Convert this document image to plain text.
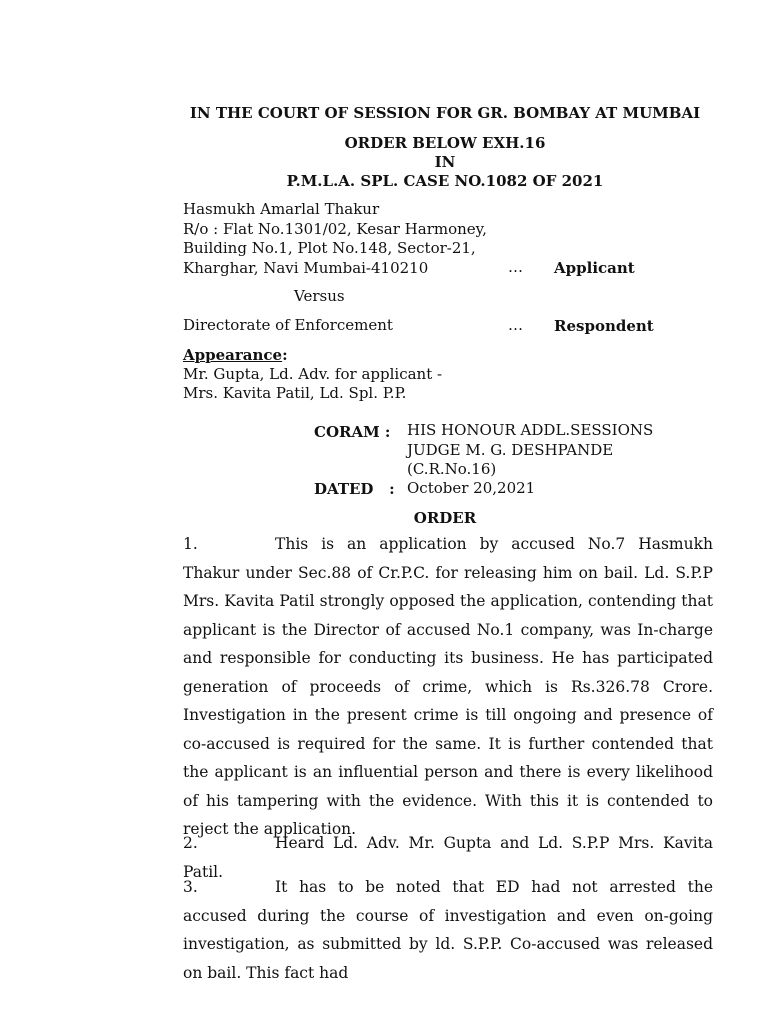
IN THE COURT OF SESSION FOR GR. BOMBAY AT MUMBAI
ORDER BELOW EXH.16
IN
P.M.L.A. SPL. CASE NO.1082 OF 2021
Hasmukh Amarlal Thakur
R/o : Flat No.1301/02, Kesar Harmoney,
Building No.1, Plot No.148, Sector-21,
Kharghar, Navi Mumbai-410210	… Applicant
Versus
Directorate of Enforcement	… Respondent
Appearance:
Mr. Gupta, Ld. Adv. for applicant -
Mrs. Kavita Patil, Ld. Spl. P.P.
CORAM : HIS HONOUR ADDL.SESSIONS
JUDGE M. G. DESHPANDE
(C.R.No.16)
DATED   : October 20,2021
ORDER
1.	This is an application by accused No.7 Hasmukh Thakur under Sec.88 of Cr.P.C. for releasing him on bail. Ld. S.P.P Mrs. Kavita Patil strongly opposed the application, contending that applicant is the Director of accused No.1 company, was In-charge and responsible for conducting its business. He has participated generation of proceeds of crime, which is Rs.326.78 Crore. Investigation in the present crime is till ongoing and presence of co-accused is required for the same. It is further contended that the applicant is an influential person and there is every likelihood of his tampering with the evidence. With this it is contended to reject the application.
2.	Heard Ld. Adv. Mr. Gupta and Ld. S.P.P Mrs. Kavita Patil.
3.	It has to be noted that ED had not arrested the accused during the course of investigation and even on-going investigation, as submitted by ld. S.P.P. Co-accused was released on bail. This fact had
